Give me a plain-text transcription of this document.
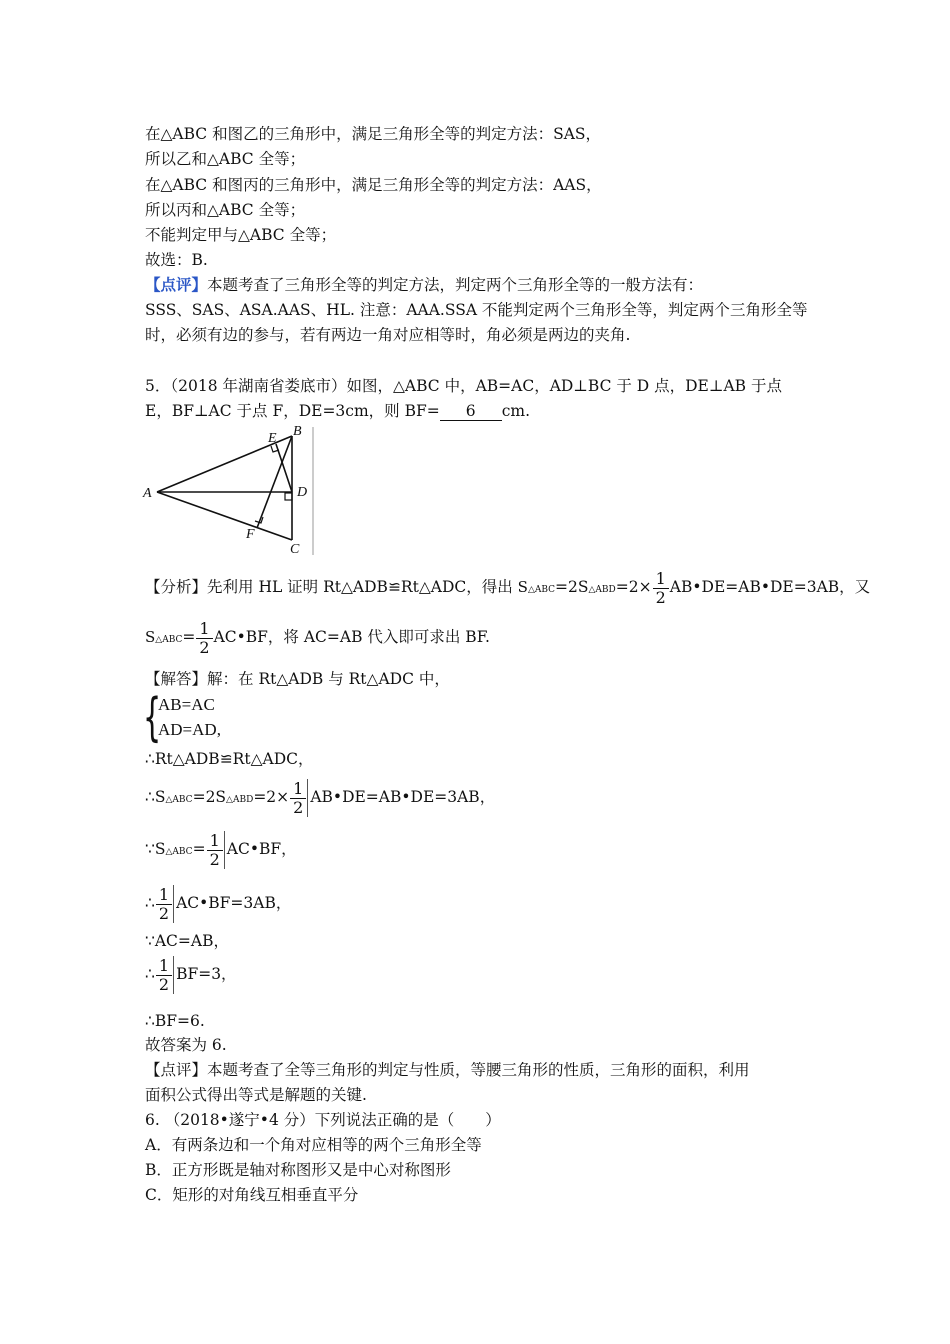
在△ABC 和图乙的三角形中，满足三角形全等的判定方法：SAS，
所以乙和△ABC 全等；
在△ABC 和图丙的三角形中，满足三角形全等的判定方法：AAS，
所以丙和△ABC 全等；
不能判定甲与△ABC 全等；
故选：B.
【点评】本题考查了三角形全等的判定方法，判定两个三角形全等的一般方法有：
SSS、SAS、ASA.AAS、HL. 注意：AAA.SSA 不能判定两个三角形全等，判定两个三角形全等
时，必须有边的参与，若有两边一角对应相等时，角必须是两边的夹角.
5．（2018 年湖南省娄底市）如图，△ABC 中，AB=AC，AD⊥BC 于 D 点，DE⊥AB 于点
E，BF⊥AC 于点 F，DE=3cm，则 BF= 6 cm.
A
B
C
D
E
F
【分析】先利用 HL 证明 Rt△ADB≌Rt△ADC，得出 S△ABC=2S△ABD=2× $\frac{1}{2}$ AB•DE=AB•DE=3AB，又
S△ABC= $\frac{1}{2}$ AC•BF，将 AC=AB 代入即可求出 BF.
【解答】解：在 Rt△ADB 与 Rt△ADC 中，
{
AB=AC
AD=AD,
∴Rt△ADB≌Rt△ADC，
∴S△ABC=2S△ABD=2× $\frac{1}{2}$ AB•DE=AB•DE=3AB，
∵S△ABC= $\frac{1}{2}$ AC•BF，
∴ $\frac{1}{2}$ AC•BF=3AB，
∵AC=AB，
∴ $\frac{1}{2} BF=3$，
∴BF=6.
故答案为 6.
【点评】本题考查了全等三角形的判定与性质，等腰三角形的性质，三角形的面积，利用
面积公式得出等式是解题的关键.
6. （2018•遂宁•4 分）下列说法正确的是（　　）
A．有两条边和一个角对应相等的两个三角形全等
B．正方形既是轴对称图形又是中心对称图形
C．矩形的对角线互相垂直平分
